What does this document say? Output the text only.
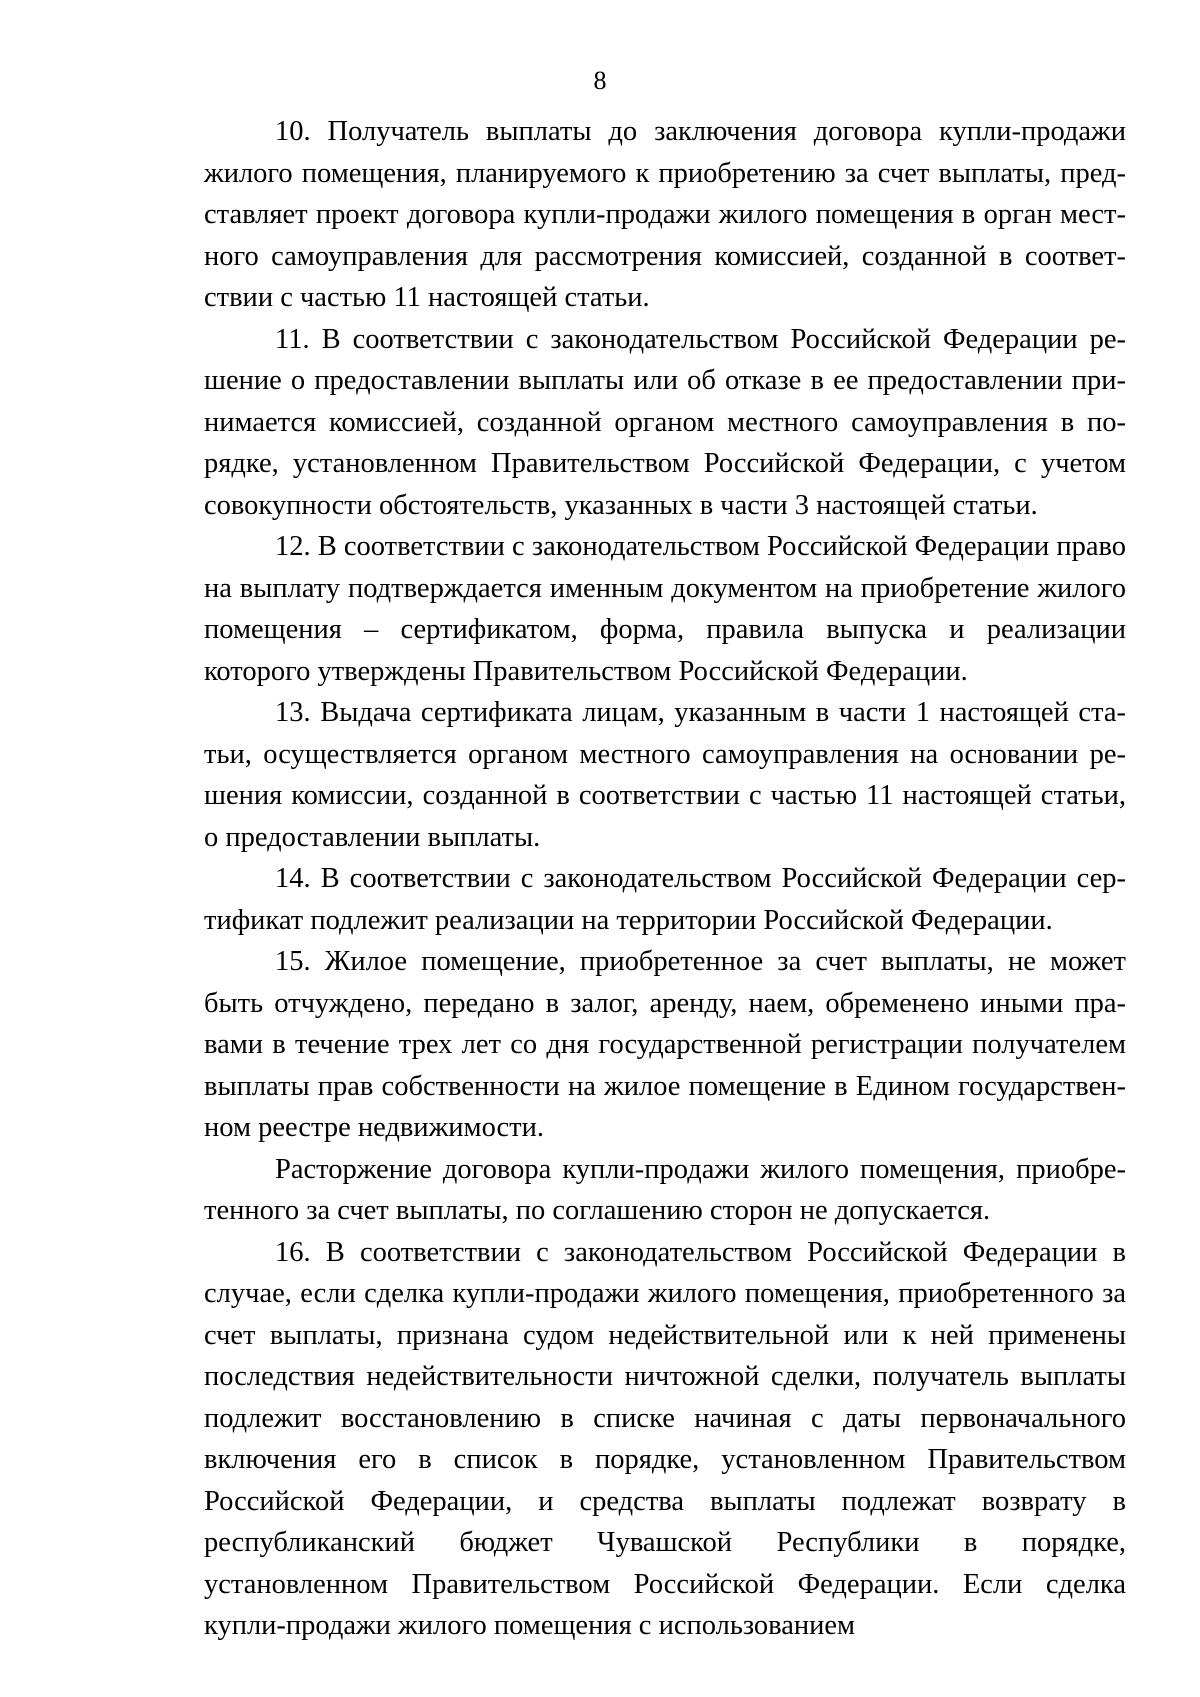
8

10. Получатель выплаты до заключения договора купли-продажи жилого помещения, планируемого к приобретению за счет выплаты, представляет проект договора купли-продажи жилого помещения в орган местного самоуправления для рассмотрения комиссией, созданной в соответствии с частью 11 настоящей статьи.

11. В соответствии с законодательством Российской Федерации решение о предоставлении выплаты или об отказе в ее предоставлении принимается комиссией, созданной органом местного самоуправления в порядке, установленном Правительством Российской Федерации, с учетом совокупности обстоятельств, указанных в части 3 настоящей статьи.

12. В соответствии с законодательством Российской Федерации право на выплату подтверждается именным документом на приобретение жилого помещения – сертификатом, форма, правила выпуска и реализации которого утверждены Правительством Российской Федерации.

13. Выдача сертификата лицам, указанным в части 1 настоящей статьи, осуществляется органом местного самоуправления на основании решения комиссии, созданной в соответствии с частью 11 настоящей статьи, о предоставлении выплаты.

14. В соответствии с законодательством Российской Федерации сертификат подлежит реализации на территории Российской Федерации.

15. Жилое помещение, приобретенное за счет выплаты, не может быть отчуждено, передано в залог, аренду, наем, обременено иными правами в течение трех лет со дня государственной регистрации получателем выплаты прав собственности на жилое помещение в Едином государственном реестре недвижимости.

Расторжение договора купли-продажи жилого помещения, приобретенного за счет выплаты, по соглашению сторон не допускается.

16. В соответствии с законодательством Российской Федерации в случае, если сделка купли-продажи жилого помещения, приобретенного за счет выплаты, признана судом недействительной или к ней применены последствия недействительности ничтожной сделки, получатель выплаты подлежит восстановлению в списке начиная с даты первоначального включения его в список в порядке, установленном Правительством Российской Федерации, и средства выплаты подлежат возврату в республиканский бюджет Чувашской Республики в порядке, установленном Правительством Российской Федерации. Если сделка купли-продажи жилого помещения с использованием
